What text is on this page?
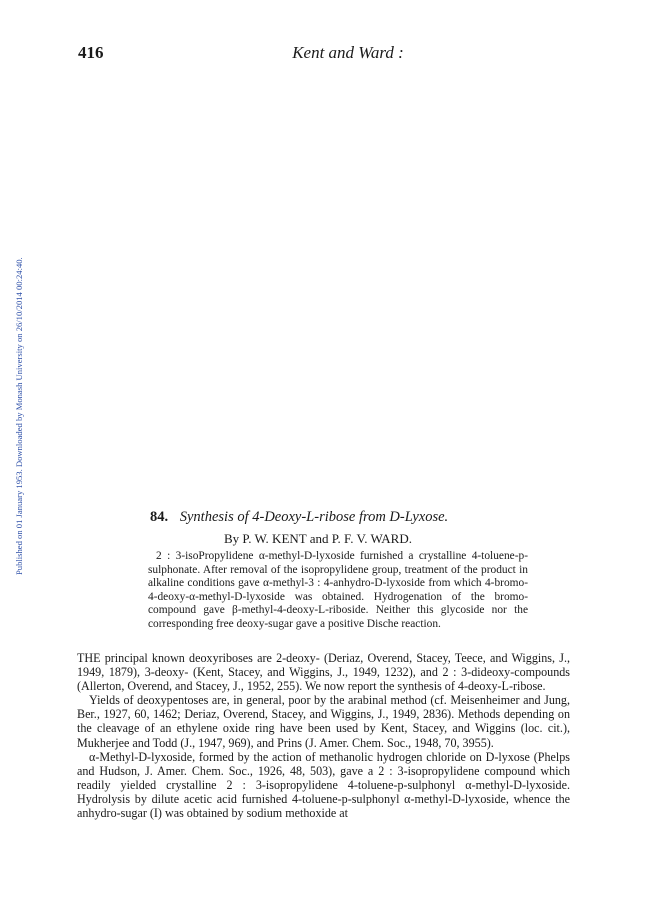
416	Kent and Ward :
Published on 01 January 1953. Downloaded by Monash University on 26/10/2014 00:24:40.	84. Synthesis of 4-Deoxy-L-ribose from D-Lyxose.
By P. W. KENT and P. F. V. WARD.

2 : 3-isoPropylidene α-methyl-D-lyxoside furnished a crystalline 4-toluene-p-sulphonate. After removal of the isopropylidene group, treatment of the product in alkaline conditions gave α-methyl-3 : 4-anhydro-D-lyxoside from which 4-bromo-4-deoxy-α-methyl-D-lyxoside was obtained. Hydrogenation of the bromo-compound gave β-methyl-4-deoxy-L-riboside. Neither this glycoside nor the corresponding free deoxy-sugar gave a positive Dische reaction.

THE principal known deoxyriboses are 2-deoxy- (Deriaz, Overend, Stacey, Teece, and Wiggins, J., 1949, 1879), 3-deoxy- (Kent, Stacey, and Wiggins, J., 1949, 1232), and 2 : 3-dideoxy-compounds (Allerton, Overend, and Stacey, J., 1952, 255). We now report the synthesis of 4-deoxy-L-ribose.

Yields of deoxypentoses are, in general, poor by the arabinal method (cf. Meisenheimer and Jung, Ber., 1927, 60, 1462; Deriaz, Overend, Stacey, and Wiggins, J., 1949, 2836). Methods depending on the cleavage of an ethylene oxide ring have been used by Kent, Stacey, and Wiggins (loc. cit.), Mukherjee and Todd (J., 1947, 969), and Prins (J. Amer. Chem. Soc., 1948, 70, 3955).

α-Methyl-D-lyxoside, formed by the action of methanolic hydrogen chloride on D-lyxose (Phelps and Hudson, J. Amer. Chem. Soc., 1926, 48, 503), gave a 2 : 3-isopropylidene compound which readily yielded crystalline 2 : 3-isopropylidene 4-toluene-p-sulphonyl α-methyl-D-lyxoside. Hydrolysis by dilute acetic acid furnished 4-toluene-p-sulphonyl α-methyl-D-lyxoside, whence the anhydro-sugar (I) was obtained by sodium methoxide at
